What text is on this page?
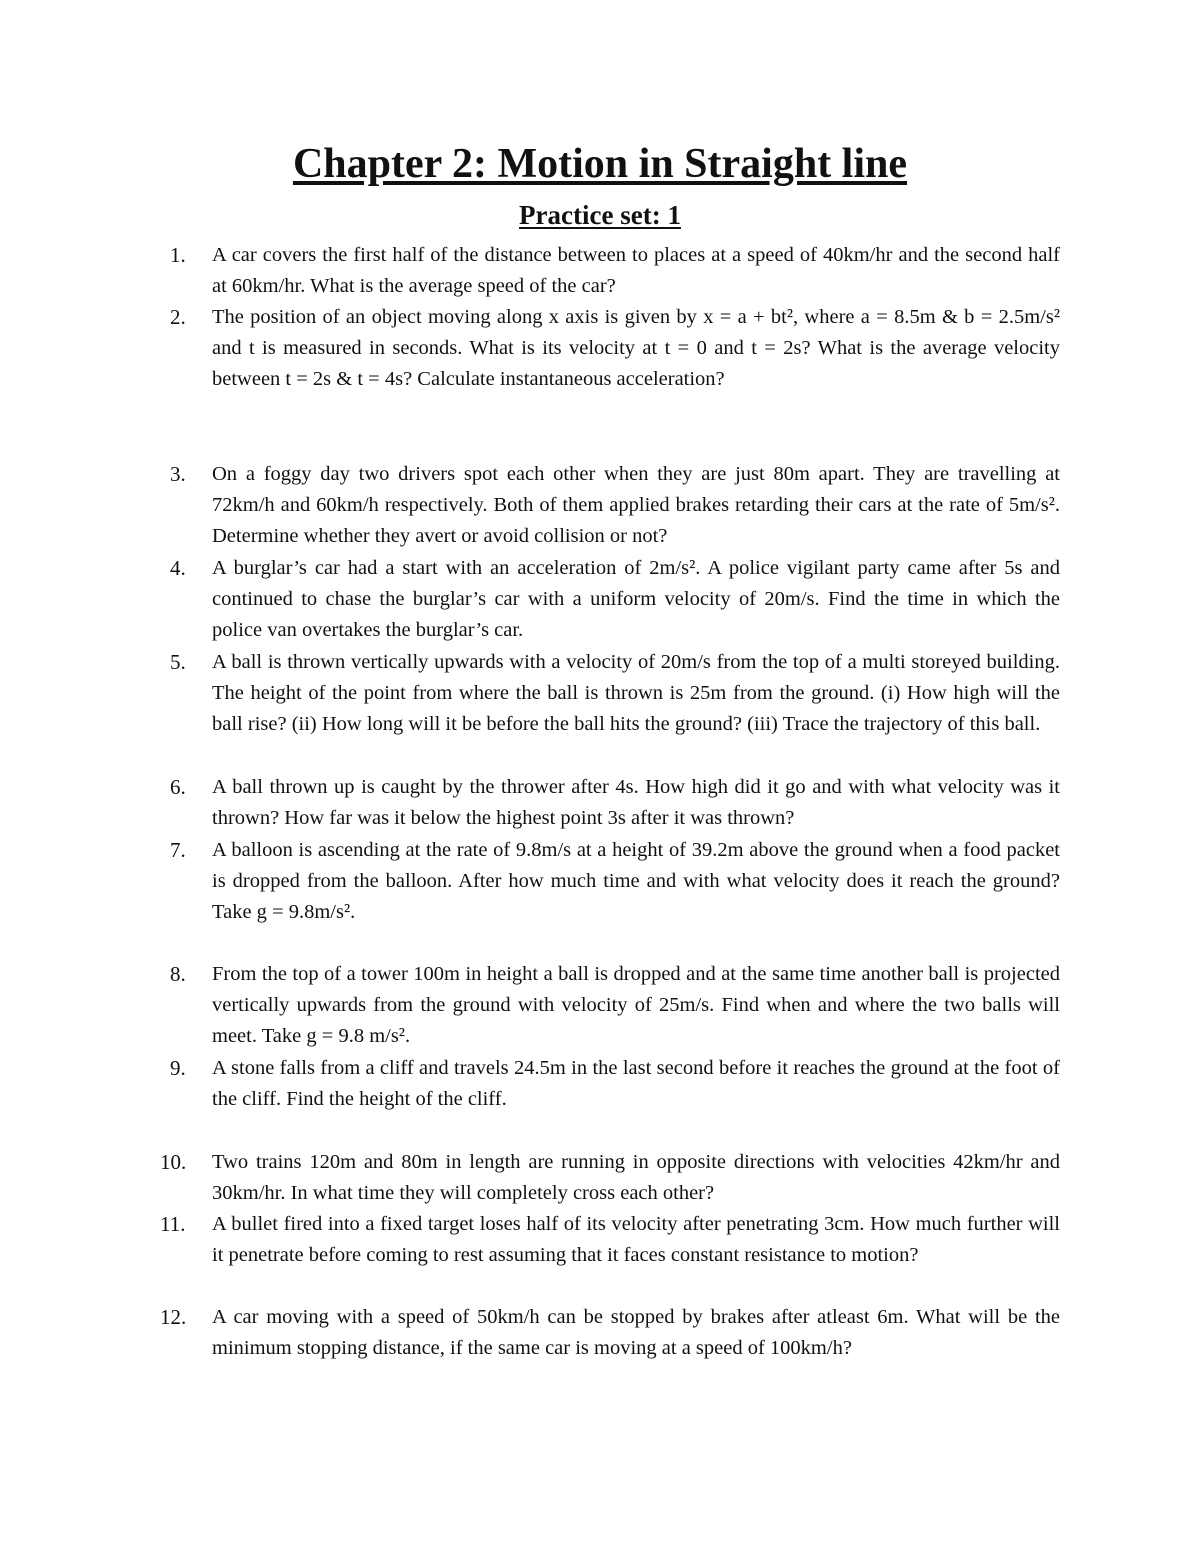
Chapter 2: Motion in Straight line
Practice set: 1
1. A car covers the first half of the distance between to places at a speed of 40km/hr and the second half at 60km/hr. What is the average speed of the car?
2. The position of an object moving along x axis is given by x = a + bt², where a = 8.5m & b = 2.5m/s² and t is measured in seconds. What is its velocity at t = 0 and t = 2s? What is the average velocity between t = 2s & t = 4s? Calculate instantaneous acceleration?
3. On a foggy day two drivers spot each other when they are just 80m apart. They are travelling at 72km/h and 60km/h respectively. Both of them applied brakes retarding their cars at the rate of 5m/s². Determine whether they avert or avoid collision or not?
4. A burglar’s car had a start with an acceleration of 2m/s². A police vigilant party came after 5s and continued to chase the burglar’s car with a uniform velocity of 20m/s. Find the time in which the police van overtakes the burglar’s car.
5. A ball is thrown vertically upwards with a velocity of 20m/s from the top of a multi storeyed building. The height of the point from where the ball is thrown is 25m from the ground. (i) How high will the ball rise? (ii) How long will it be before the ball hits the ground? (iii) Trace the trajectory of this ball.
6. A ball thrown up is caught by the thrower after 4s. How high did it go and with what velocity was it thrown? How far was it below the highest point 3s after it was thrown?
7. A balloon is ascending at the rate of 9.8m/s at a height of 39.2m above the ground when a food packet is dropped from the balloon. After how much time and with what velocity does it reach the ground? Take g = 9.8m/s².
8. From the top of a tower 100m in height a ball is dropped and at the same time another ball is projected vertically upwards from the ground with velocity of 25m/s. Find when and where the two balls will meet. Take g = 9.8 m/s².
9. A stone falls from a cliff and travels 24.5m in the last second before it reaches the ground at the foot of the cliff. Find the height of the cliff.
10. Two trains 120m and 80m in length are running in opposite directions with velocities 42km/hr and 30km/hr. In what time they will completely cross each other?
11. A bullet fired into a fixed target loses half of its velocity after penetrating 3cm. How much further will it penetrate before coming to rest assuming that it faces constant resistance to motion?
12. A car moving with a speed of 50km/h can be stopped by brakes after atleast 6m. What will be the minimum stopping distance, if the same car is moving at a speed of 100km/h?
